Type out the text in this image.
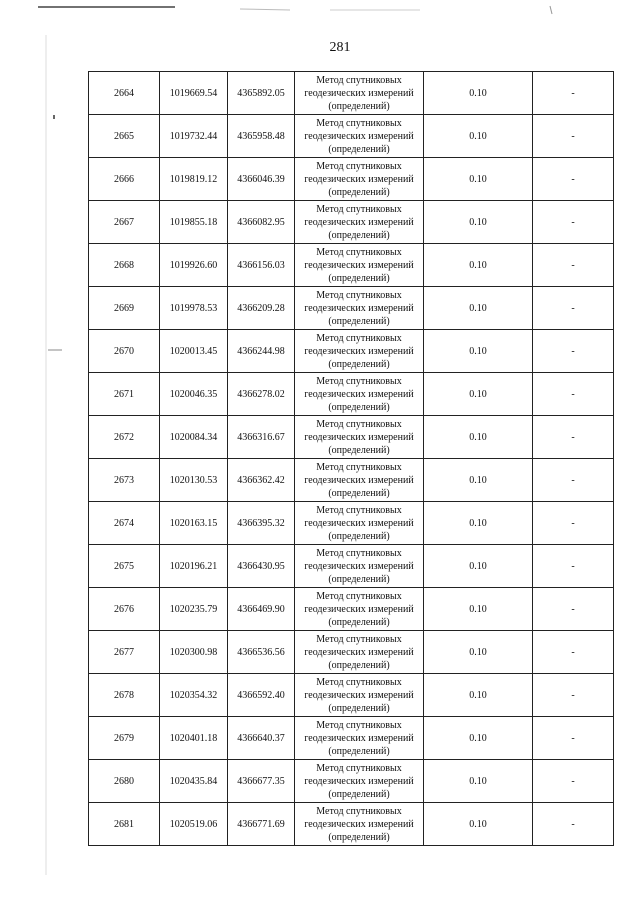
281
2664	1019669.54	4365892.05	Метод спутниковых
геодезических измерений
(определений)	0.10	-
2665	1019732.44	4365958.48	Метод спутниковых
геодезических измерений
(определений)	0.10	-
2666	1019819.12	4366046.39	Метод спутниковых
геодезических измерений
(определений)	0.10	-
2667	1019855.18	4366082.95	Метод спутниковых
геодезических измерений
(определений)	0.10	-
2668	1019926.60	4366156.03	Метод спутниковых
геодезических измерений
(определений)	0.10	-
2669	1019978.53	4366209.28	Метод спутниковых
геодезических измерений
(определений)	0.10	-
2670	1020013.45	4366244.98	Метод спутниковых
геодезических измерений
(определений)	0.10	-
2671	1020046.35	4366278.02	Метод спутниковых
геодезических измерений
(определений)	0.10	-
2672	1020084.34	4366316.67	Метод спутниковых
геодезических измерений
(определений)	0.10	-
2673	1020130.53	4366362.42	Метод спутниковых
геодезических измерений
(определений)	0.10	-
2674	1020163.15	4366395.32	Метод спутниковых
геодезических измерений
(определений)	0.10	-
2675	1020196.21	4366430.95	Метод спутниковых
геодезических измерений
(определений)	0.10	-
2676	1020235.79	4366469.90	Метод спутниковых
геодезических измерений
(определений)	0.10	-
2677	1020300.98	4366536.56	Метод спутниковых
геодезических измерений
(определений)	0.10	-
2678	1020354.32	4366592.40	Метод спутниковых
геодезических измерений
(определений)	0.10	-
2679	1020401.18	4366640.37	Метод спутниковых
геодезических измерений
(определений)	0.10	-
2680	1020435.84	4366677.35	Метод спутниковых
геодезических измерений
(определений)	0.10	-
2681	1020519.06	4366771.69	Метод спутниковых
геодезических измерений
(определений)	0.10	-
